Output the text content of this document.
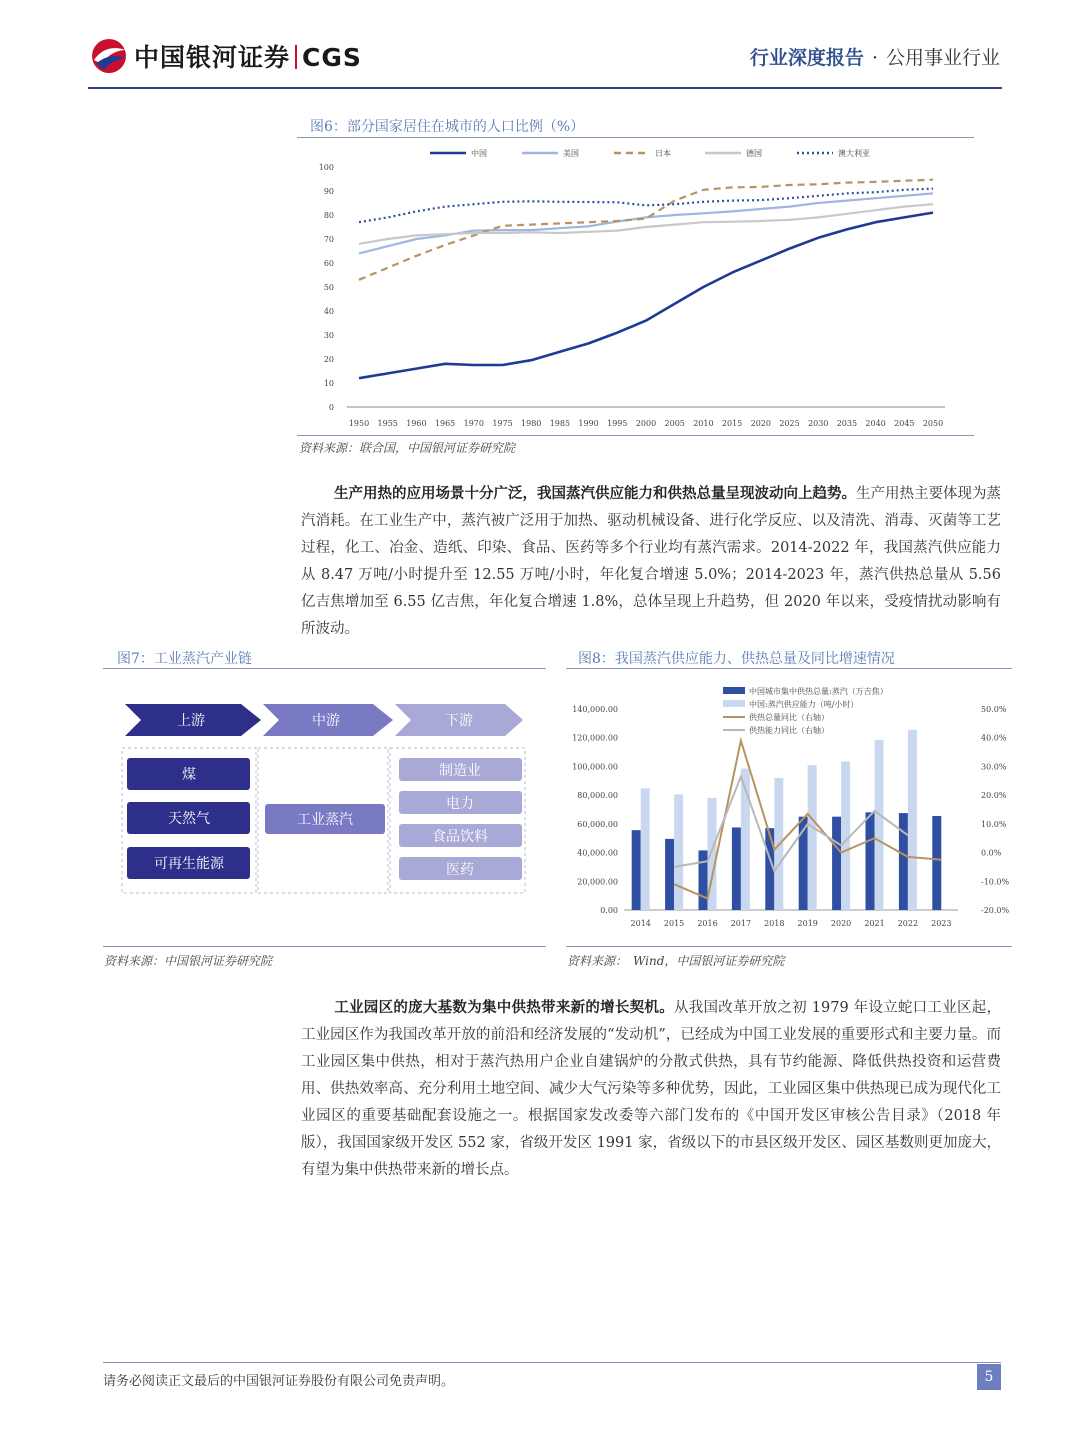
中国银河证券 CGS	行业深度报告 · 公用事业行业
图6：部分国家居住在城市的人口比例（%）
0
10
20
30
40
50
60
70
80
90
100
1950 1955 1960 1965 1970 1975 1980 1985 1990 1995 2000 2005 2010 2015 2020 2025 2030 2035 2040 2045 2050
中国	美国	日本	德国	澳大利亚
资料来源：联合国，中国银河证券研究院
生产用热的应用场景十分广泛，我国蒸汽供应能力和供热总量呈现波动向上趋势。生产用热主要体现为蒸汽消耗。在工业生产中，蒸汽被广泛用于加热、驱动机械设备、进行化学反应、以及清洗、消毒、灭菌等工艺过程，化工、冶金、造纸、印染、食品、医药等多个行业均有蒸汽需求。2014-2022 年，我国蒸汽供应能力从 8.47 万吨/小时提升至 12.55 万吨/小时，年化复合增速 5.0%；2014-2023 年，蒸汽供热总量从 5.56 亿吉焦增加至 6.55 亿吉焦，年化复合增速 1.8%，总体呈现上升趋势，但 2020 年以来，受疫情扰动影响有所波动。
图7：工业蒸汽产业链
上游	中游	下游
煤
天然气
可再生能源
工业蒸汽
制造业
电力
食品饮料
医药
资料来源：中国银河证券研究院
图8：我国蒸汽供应能力、供热总量及同比增速情况
0.00
20,000.00
40,000.00
60,000.00
80,000.00
100,000.00
120,000.00
140,000.00
-20.0%
-10.0%
0.0%
10.0%
20.0%
30.0%
40.0%
50.0%
2014 2015 2016 2017 2018 2019 2020 2021 2022 2023
中国城市集中供热总量:蒸汽（万吉焦）
中国:蒸汽供应能力（吨/小时）
供热总量同比（右轴）
供热能力同比（右轴）
资料来源：　Wind，中国银河证券研究院
工业园区的庞大基数为集中供热带来新的增长契机。从我国改革开放之初 1979 年设立蛇口工业区起，工业园区作为我国改革开放的前沿和经济发展的“发动机”，已经成为中国工业发展的重要形式和主要力量。而工业园区集中供热，相对于蒸汽热用户企业自建锅炉的分散式供热，具有节约能源、降低供热投资和运营费用、供热效率高、充分利用土地空间、减少大气污染等多种优势，因此，工业园区集中供热现已成为现代化工业园区的重要基础配套设施之一。根据国家发改委等六部门发布的《中国开发区审核公告目录》（2018 年版），我国国家级开发区 552 家，省级开发区 1991 家，省级以下的市县区级开发区、园区基数则更加庞大，有望为集中供热带来新的增长点。
请务必阅读正文最后的中国银河证券股份有限公司免责声明。	5
